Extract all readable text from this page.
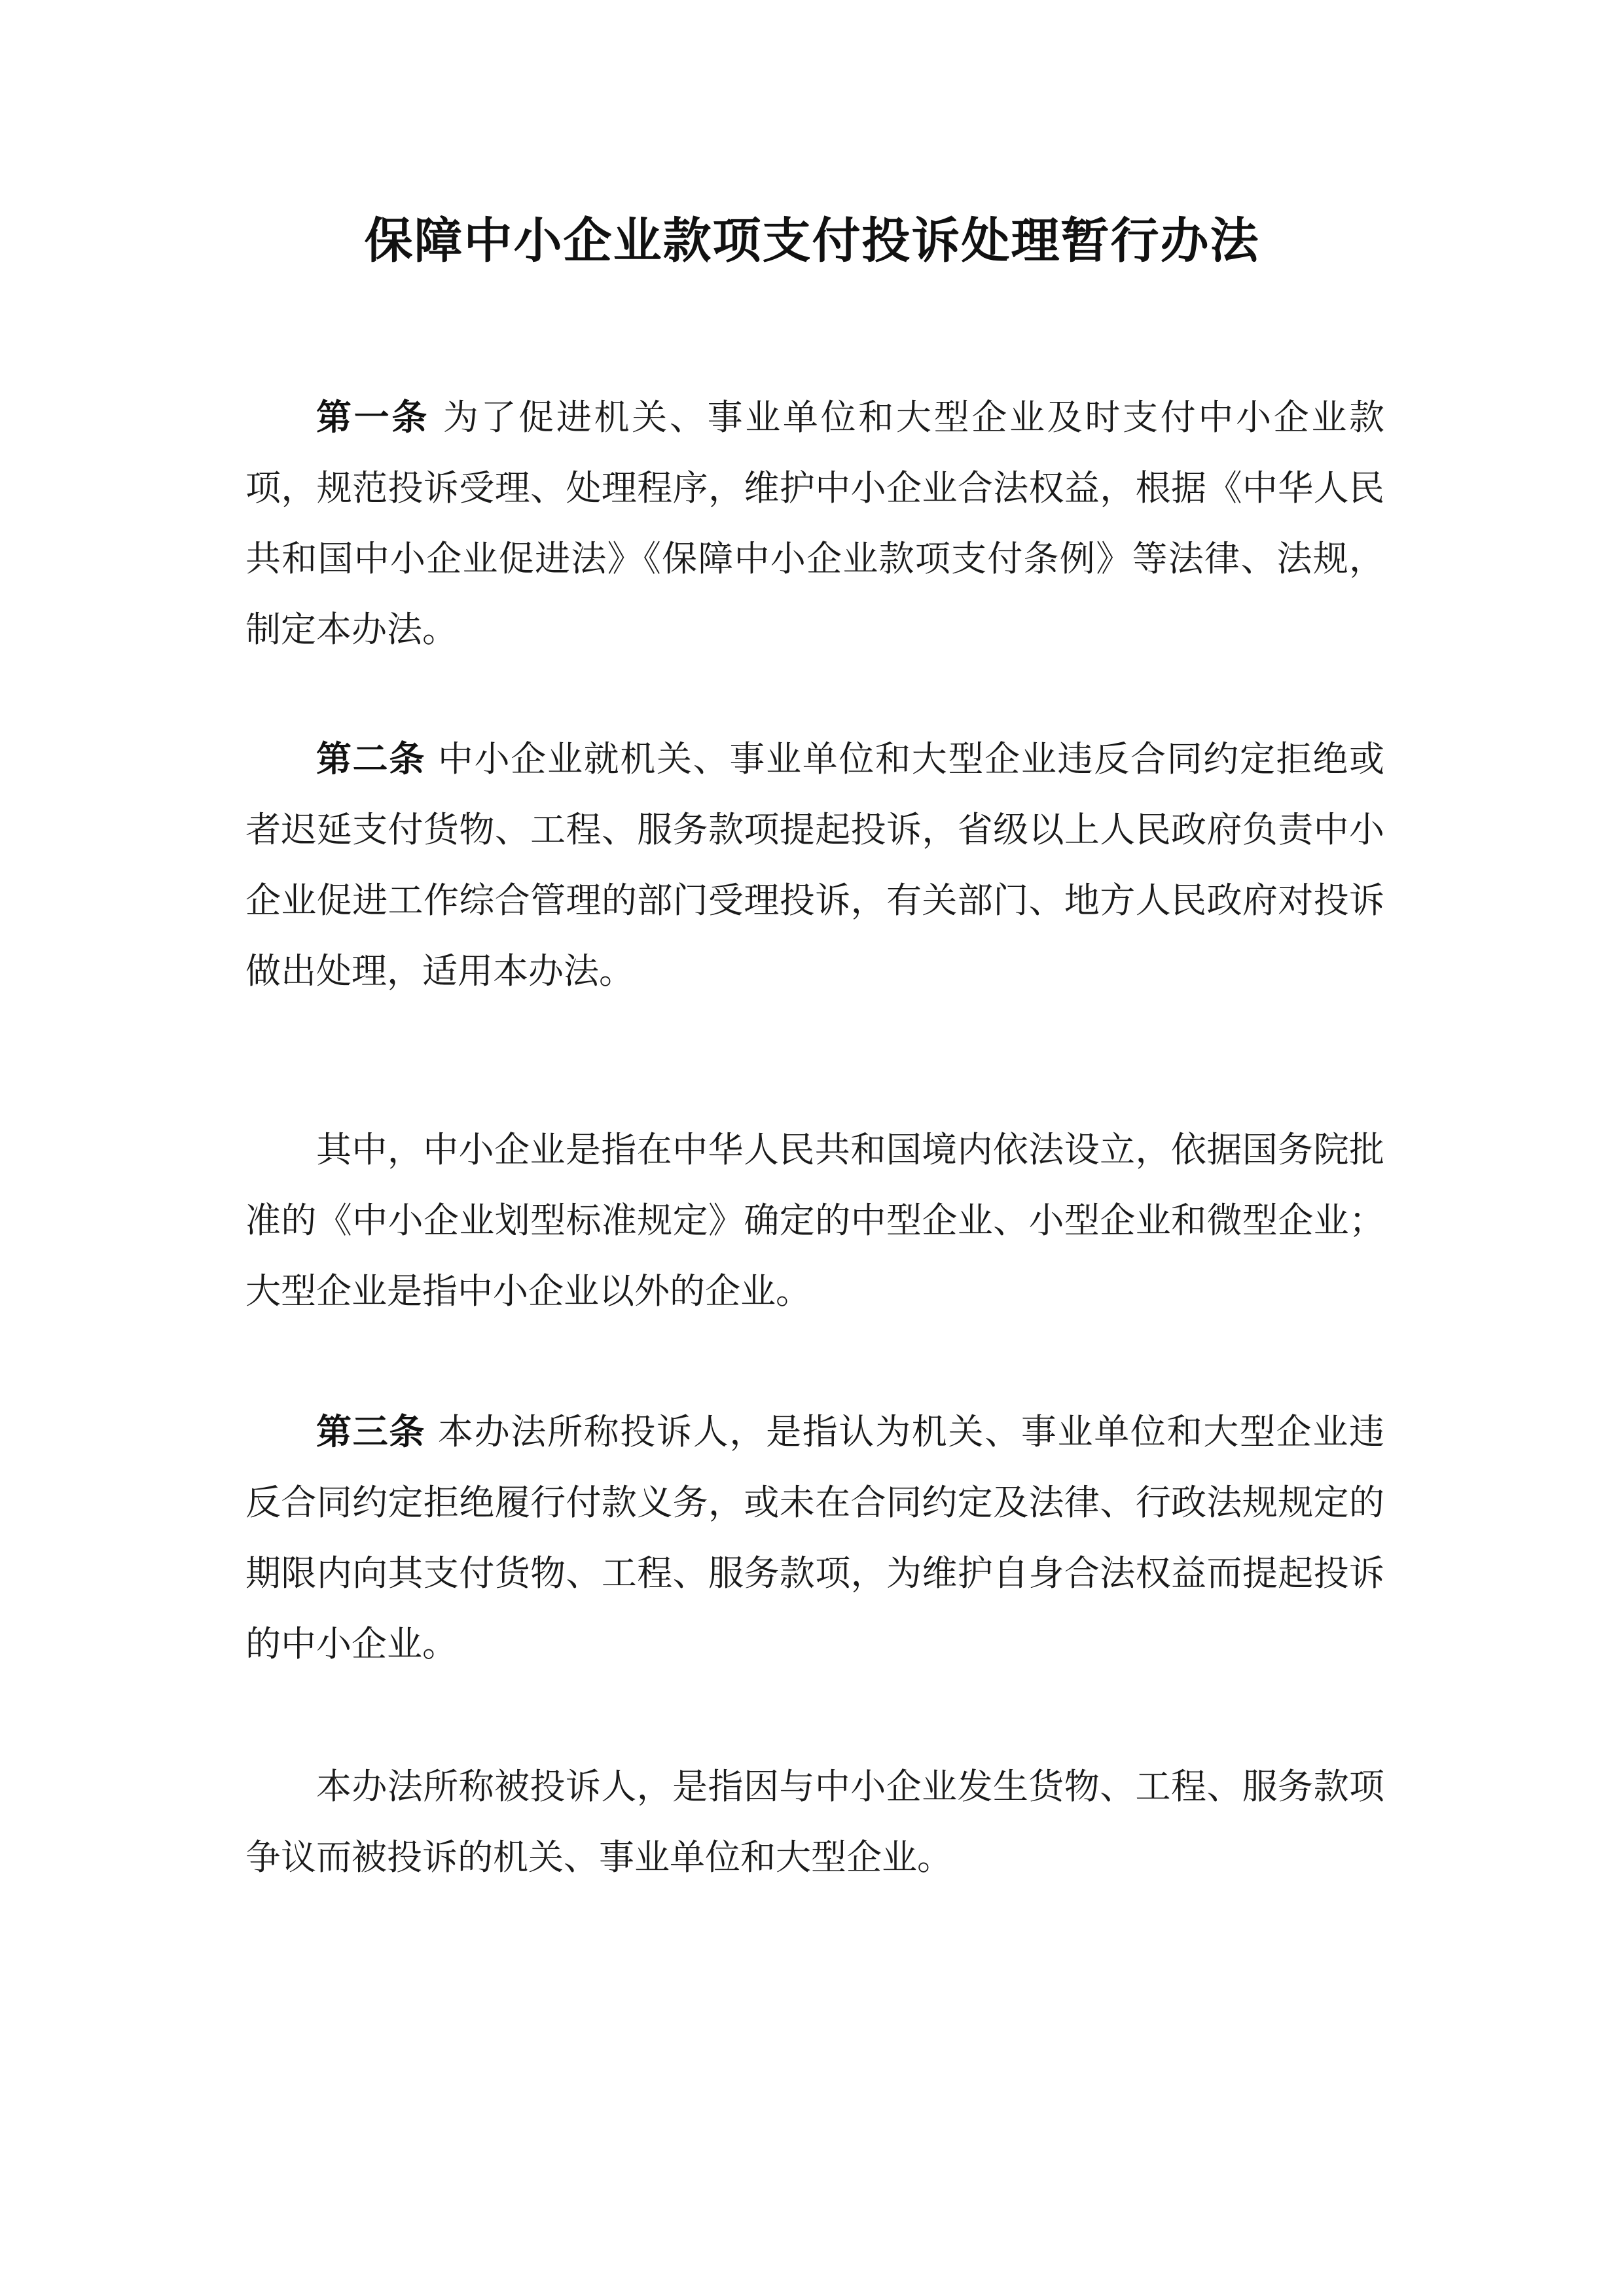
保障中小企业款项支付投诉处理暂行办法

第一条 为了促进机关、事业单位和大型企业及时支付中小企业款项，规范投诉受理、处理程序，维护中小企业合法权益，根据《中华人民共和国中小企业促进法》《保障中小企业款项支付条例》等法律、法规，制定本办法。

第二条 中小企业就机关、事业单位和大型企业违反合同约定拒绝或者迟延支付货物、工程、服务款项提起投诉，省级以上人民政府负责中小企业促进工作综合管理的部门受理投诉，有关部门、地方人民政府对投诉做出处理，适用本办法。

其中，中小企业是指在中华人民共和国境内依法设立，依据国务院批准的《中小企业划型标准规定》确定的中型企业、小型企业和微型企业；大型企业是指中小企业以外的企业。

第三条 本办法所称投诉人，是指认为机关、事业单位和大型企业违反合同约定拒绝履行付款义务，或未在合同约定及法律、行政法规规定的期限内向其支付货物、工程、服务款项，为维护自身合法权益而提起投诉的中小企业。

本办法所称被投诉人，是指因与中小企业发生货物、工程、服务款项争议而被投诉的机关、事业单位和大型企业。
